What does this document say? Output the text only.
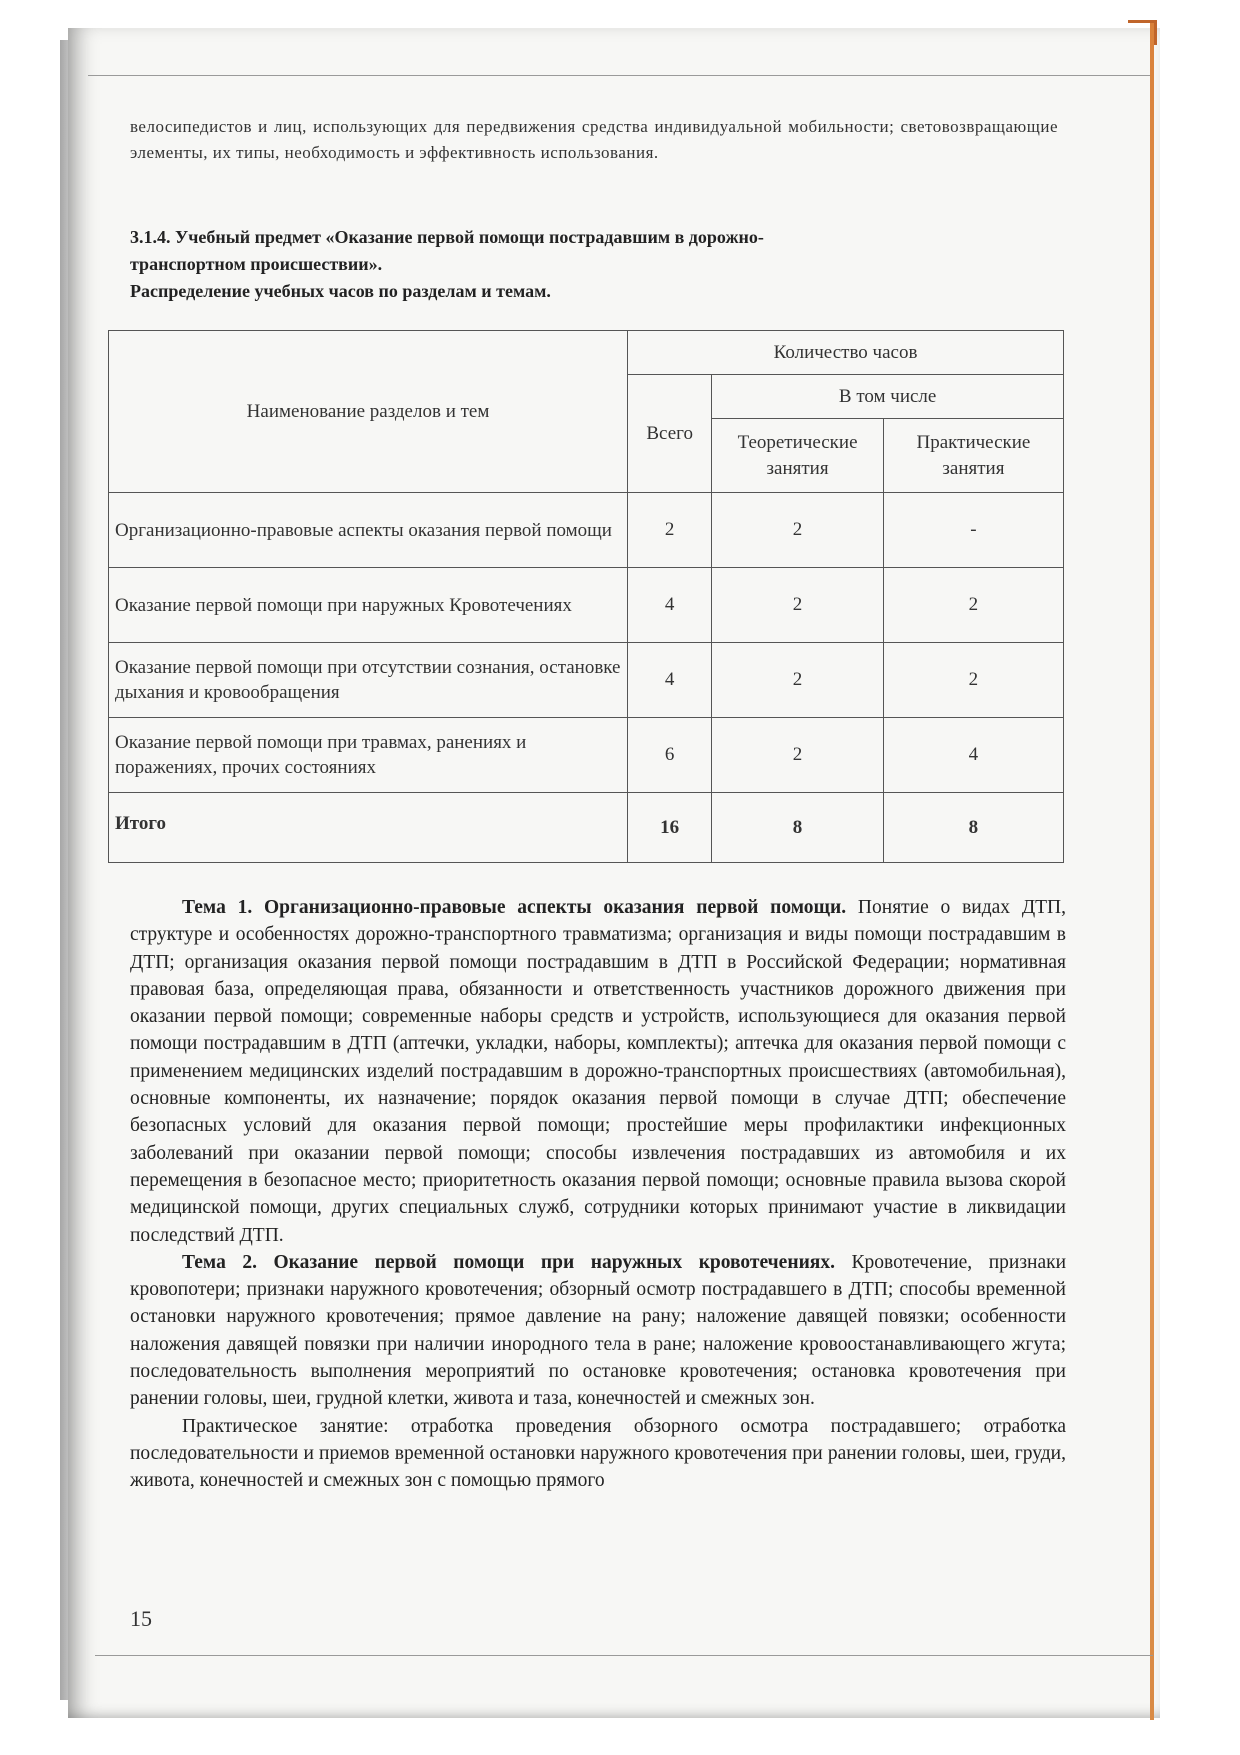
велосипедистов и лиц, использующих для передвижения средства индивидуальной мобильности; световозвращающие элементы, их типы, необходимость и эффективность использования.
3.1.4. Учебный предмет «Оказание первой помощи пострадавшим в дорожно-
транспортном происшествии».
Распределение учебных часов по разделам и темам.
Наименование разделов и тем	Количество часов		
	Всего	В том числе	
		Теоретические занятия	Практические занятия
Организационно-правовые аспекты оказания первой помощи	2	2	-
Оказание первой помощи при наружных Кровотечениях	4	2	2
Оказание первой помощи при отсутствии сознания, остановке дыхания и кровообращения	4	2	2
Оказание первой помощи при травмах, ранениях и поражениях, прочих состояниях	6	2	4
Итого	16	8	8

Тема 1. Организационно-правовые аспекты оказания первой помощи. Понятие о видах ДТП, структуре и особенностях дорожно-транспортного травматизма; организация и виды помощи пострадавшим в ДТП; организация оказания первой помощи пострадавшим в ДТП в Российской Федерации; нормативная правовая база, определяющая права, обязанности и ответственность участников дорожного движения при оказании первой помощи; современные наборы средств и устройств, использующиеся для оказания первой помощи пострадавшим в ДТП (аптечки, укладки, наборы, комплекты); аптечка для оказания первой помощи с применением медицинских изделий пострадавшим в дорожно-транспортных происшествиях (автомобильная), основные компоненты, их назначение; порядок оказания первой помощи в случае ДТП; обеспечение безопасных условий для оказания первой помощи; простейшие меры профилактики инфекционных заболеваний при оказании первой помощи; способы извлечения пострадавших из автомобиля и их перемещения в безопасное место; приоритетность оказания первой помощи; основные правила вызова скорой медицинской помощи, других специальных служб, сотрудники которых принимают участие в ликвидации последствий ДТП.

Тема 2. Оказание первой помощи при наружных кровотечениях. Кровотечение, признаки кровопотери; признаки наружного кровотечения; обзорный осмотр пострадавшего в ДТП; способы временной остановки наружного кровотечения; прямое давление на рану; наложение давящей повязки; особенности наложения давящей повязки при наличии инородного тела в ране; наложение кровоостанавливающего жгута; последовательность выполнения мероприятий по остановке кровотечения; остановка кровотечения при ранении головы, шеи, грудной клетки, живота и таза, конечностей и смежных зон.

Практическое занятие: отработка проведения обзорного осмотра пострадавшего; отработка последовательности и приемов временной остановки наружного кровотечения при ранении головы, шеи, груди, живота, конечностей и смежных зон с помощью прямого

15
